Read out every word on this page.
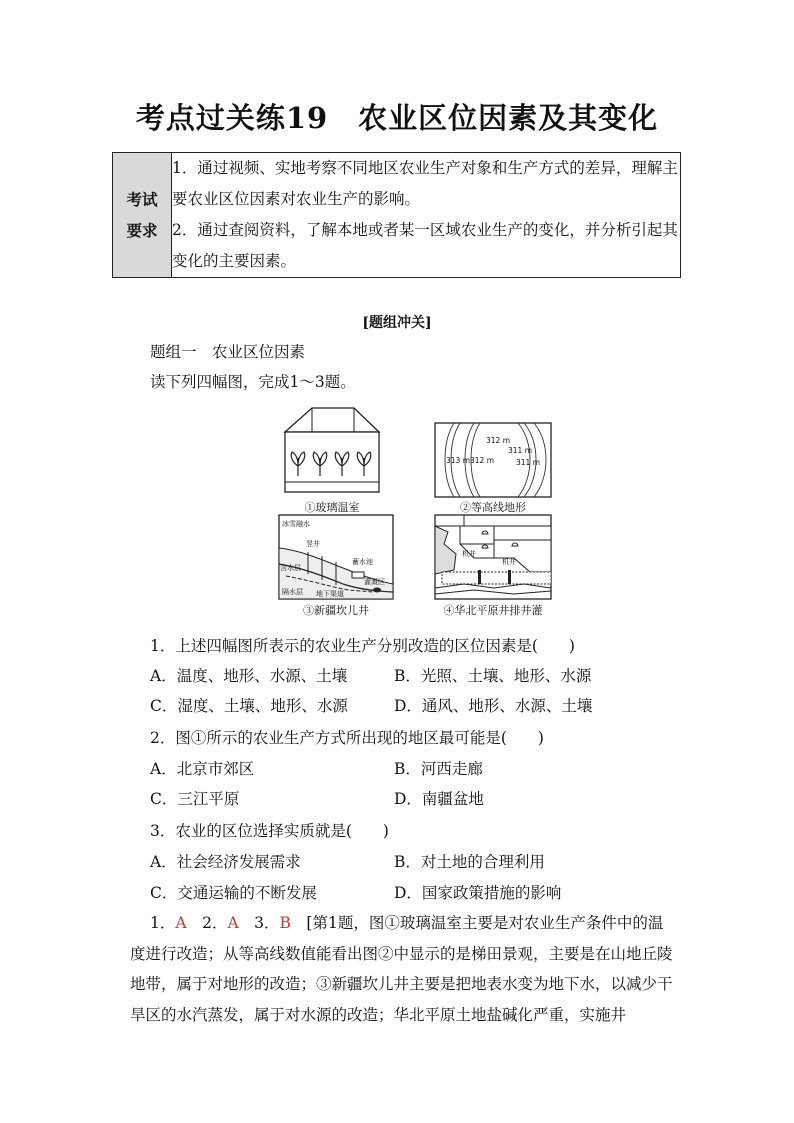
考点过关练19　农业区位因素及其变化
考试
要求

1．通过视频、实地考察不同地区农业生产对象和生产方式的差异，理解主要农业区位因素对农业生产的影响。
2．通过查阅资料，了解本地或者某一区域农业生产的变化，并分析引起其变化的主要因素。
[题组冲关]
题组一　农业区位因素
读下列四幅图，完成1～3题。
①玻璃温室
312 m
313 m 312 m
311 m
311 m
②等高线地形
冰雪融水
竖井
蓄水池
含水层
灌溉区
隔水层 地下渠道
③新疆坎儿井
机井
机井
④华北平原井排井灌
1．上述四幅图所表示的农业生产分别改造的区位因素是(　　)
A．温度、地形、水源、土壤	B．光照、土壤、地形、水源
C．湿度、土壤、地形、水源	D．通风、地形、水源、土壤
2．图①所示的农业生产方式所出现的地区最可能是(　　)
A．北京市郊区	B．河西走廊
C．三江平原	D．南疆盆地
3．农业的区位选择实质就是(　　)
A．社会经济发展需求	B．对土地的合理利用
C．交通运输的不断发展	D．国家政策措施的影响
1．A　2．A　3．B　[第1题，图①玻璃温室主要是对农业生产条件中的温度进行改造；从等高线数值能看出图②中显示的是梯田景观，主要是在山地丘陵地带，属于对地形的改造；③新疆坎儿井主要是把地表水变为地下水，以减少干旱区的水汽蒸发，属于对水源的改造；华北平原土地盐碱化严重，实施井
